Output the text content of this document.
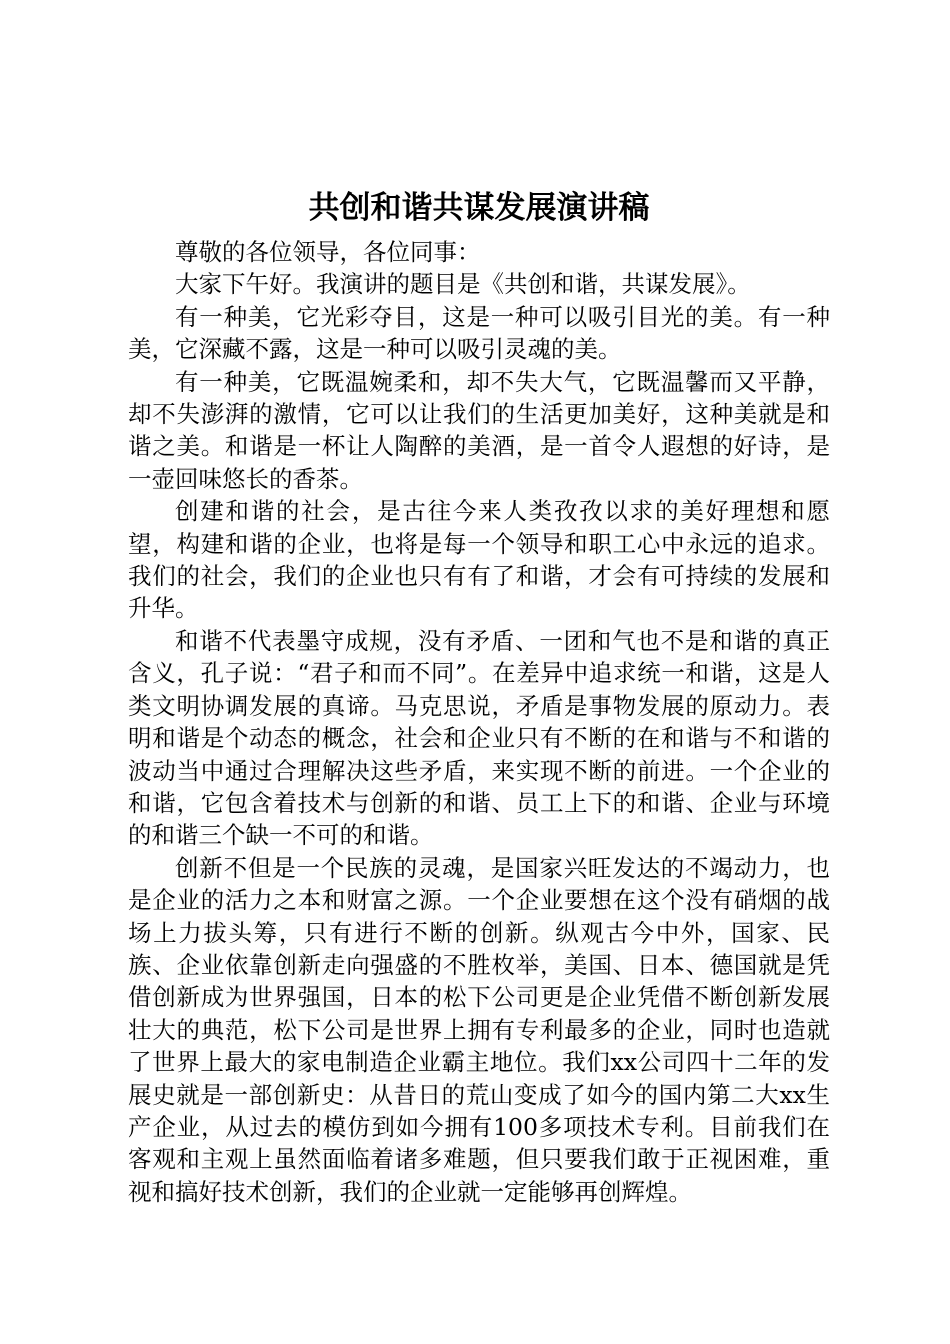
共创和谐共谋发展演讲稿

尊敬的各位领导，各位同事：

大家下午好。我演讲的题目是《共创和谐，共谋发展》。

有一种美，它光彩夺目，这是一种可以吸引目光的美。有一种美，它深藏不露，这是一种可以吸引灵魂的美。

有一种美，它既温婉柔和，却不失大气，它既温馨而又平静，却不失澎湃的激情，它可以让我们的生活更加美好，这种美就是和谐之美。和谐是一杯让人陶醉的美酒，是一首令人遐想的好诗，是一壶回味悠长的香茶。

创建和谐的社会，是古往今来人类孜孜以求的美好理想和愿望，构建和谐的企业，也将是每一个领导和职工心中永远的追求。我们的社会，我们的企业也只有有了和谐，才会有可持续的发展和升华。

和谐不代表墨守成规，没有矛盾、一团和气也不是和谐的真正含义，孔子说：“君子和而不同”。在差异中追求统一和谐，这是人类文明协调发展的真谛。马克思说，矛盾是事物发展的原动力。表明和谐是个动态的概念，社会和企业只有不断的在和谐与不和谐的波动当中通过合理解决这些矛盾，来实现不断的前进。一个企业的和谐，它包含着技术与创新的和谐、员工上下的和谐、企业与环境的和谐三个缺一不可的和谐。

创新不但是一个民族的灵魂，是国家兴旺发达的不竭动力，也是企业的活力之本和财富之源。一个企业要想在这个没有硝烟的战场上力拔头筹，只有进行不断的创新。纵观古今中外，国家、民族、企业依靠创新走向强盛的不胜枚举，美国、日本、德国就是凭借创新成为世界强国，日本的松下公司更是企业凭借不断创新发展壮大的典范，松下公司是世界上拥有专利最多的企业，同时也造就了世界上最大的家电制造企业霸主地位。我们xx公司四十二年的发展史就是一部创新史：从昔日的荒山变成了如今的国内第二大xx生产企业，从过去的模仿到如今拥有100多项技术专利。目前我们在客观和主观上虽然面临着诸多难题，但只要我们敢于正视困难，重视和搞好技术创新，我们的企业就一定能够再创辉煌。
